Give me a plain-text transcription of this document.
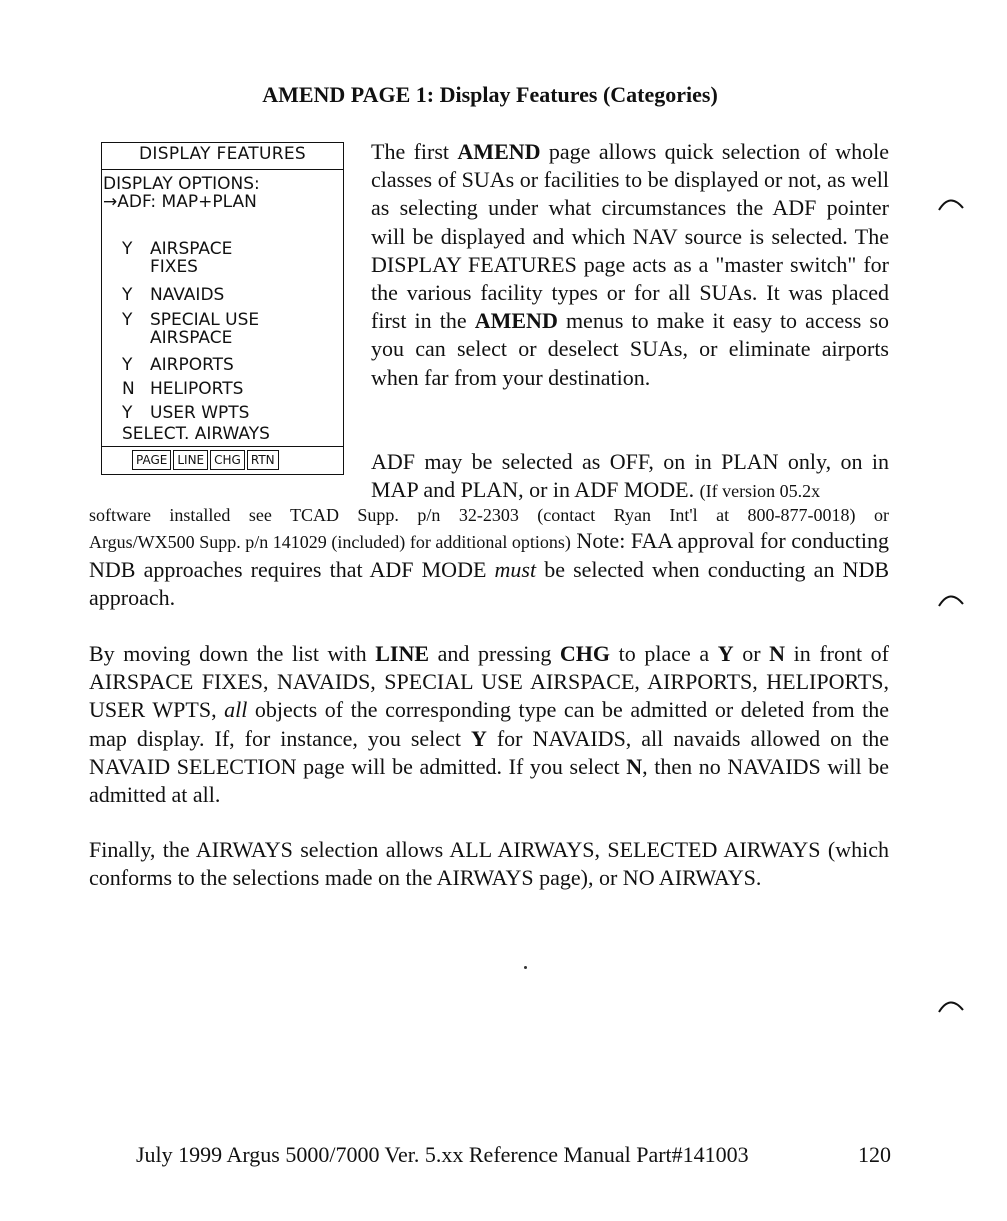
AMEND PAGE 1: Display Features (Categories)
DISPLAY FEATURES
DISPLAY OPTIONS:
→ADF: MAP+PLAN
Y AIRSPACE
FIXES
Y NAVAIDS
Y SPECIAL USE
AIRSPACE
Y AIRPORTS
N HELIPORTS
Y USER WPTS
SELECT. AIRWAYS
PAGE LINE CHG RTN

The first AMEND page allows quick selection of whole classes of SUAs or facilities to be displayed or not, as well as selecting under what circumstances the ADF pointer will be displayed and which NAV source is selected. The DISPLAY FEATURES page acts as a "master switch" for the various facility types or for all SUAs. It was placed first in the AMEND menus to make it easy to access so you can select or deselect SUAs, or eliminate airports when far from your destination.

ADF may be selected as OFF, on in PLAN only, on in MAP and PLAN, or in ADF MODE. (If version 05.2x

software installed see TCAD Supp. p/n 32-2303 (contact Ryan Int'l at 800-877-0018) or

Argus/WX500 Supp. p/n 141029 (included) for additional options) Note: FAA approval for conducting NDB approaches requires that ADF MODE must be selected when conducting an NDB approach.

By moving down the list with LINE and pressing CHG to place a Y or N in front of AIRSPACE FIXES, NAVAIDS, SPECIAL USE AIRSPACE, AIRPORTS, HELIPORTS, USER WPTS, all objects of the corresponding type can be admitted or deleted from the map display. If, for instance, you select Y for NAVAIDS, all navaids allowed on the NAVAID SELECTION page will be admitted. If you select N, then no NAVAIDS will be admitted at all.

Finally, the AIRWAYS selection allows ALL AIRWAYS, SELECTED AIRWAYS (which conforms to the selections made on the AIRWAYS page), or NO AIRWAYS.

July 1999 Argus 5000/7000 Ver. 5.xx Reference Manual Part#141003	120
